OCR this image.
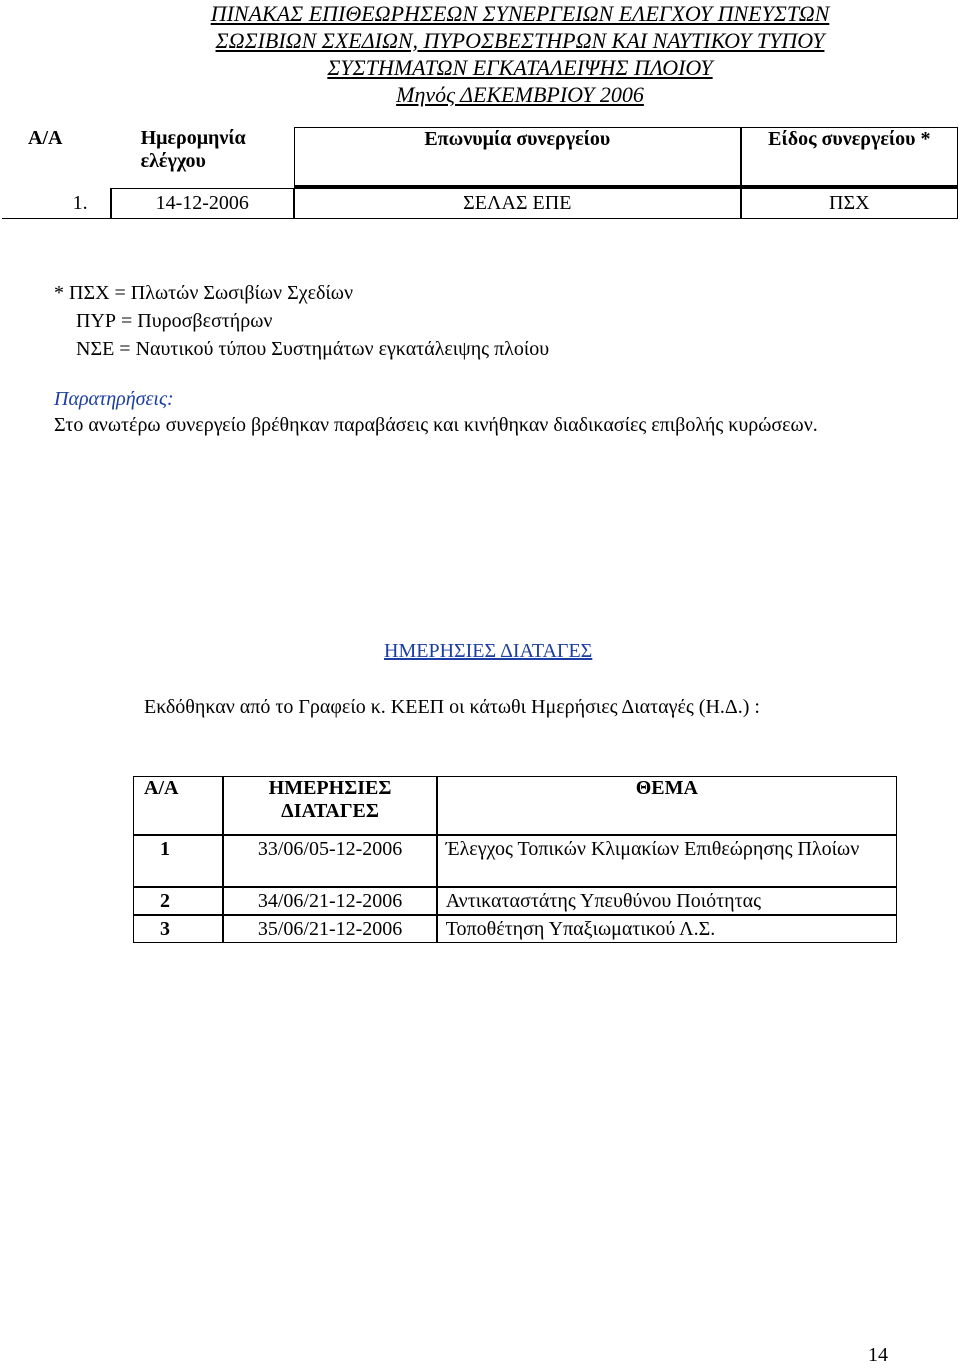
ΠΙΝΑΚΑΣ ΕΠΙΘΕΩΡΗΣΕΩΝ ΣΥΝΕΡΓΕΙΩΝ ΕΛΕΓΧΟΥ ΠΝΕΥΣΤΩΝ
ΣΩΣΙΒΙΩΝ ΣΧΕΔΙΩΝ, ΠΥΡΟΣΒΕΣΤΗΡΩΝ ΚΑΙ ΝΑΥΤΙΚΟΥ ΤΥΠΟΥ
ΣΥΣΤΗΜΑΤΩΝ ΕΓΚΑΤΑΛΕΙΨΗΣ ΠΛΟΙΟΥ
Μηνός ΔΕΚΕΜΒΡΙΟΥ 2006
Α/Α	Ημερομηνία ελέγχου	Επωνυμία συνεργείου	Είδος συνεργείου *
1.	14-12-2006	ΣΕΛΑΣ ΕΠΕ	ΠΣΧ
* ΠΣΧ = Πλωτών Σωσιβίων Σχεδίων
ΠΥΡ = Πυροσβεστήρων
ΝΣΕ = Ναυτικού τύπου Συστημάτων εγκατάλειψης πλοίου
Παρατηρήσεις:
Στο ανωτέρω συνεργείο βρέθηκαν παραβάσεις και κινήθηκαν διαδικασίες επιβολής κυρώσεων.
ΗΜΕΡΗΣΙΕΣ ΔΙΑΤΑΓΕΣ
Εκδόθηκαν από το Γραφείο κ. ΚΕΕΠ οι κάτωθι Ημερήσιες Διαταγές (Η.Δ.) :
Α/Α	ΗΜΕΡΗΣΙΕΣ ΔΙΑΤΑΓΕΣ	ΘΕΜΑ
1	33/06/05-12-2006	Έλεγχος Τοπικών Κλιμακίων Επιθεώρησης Πλοίων
2	34/06/21-12-2006	Αντικαταστάτης Υπευθύνου Ποιότητας
3	35/06/21-12-2006	Τοποθέτηση Υπαξιωματικού Λ.Σ.
14
